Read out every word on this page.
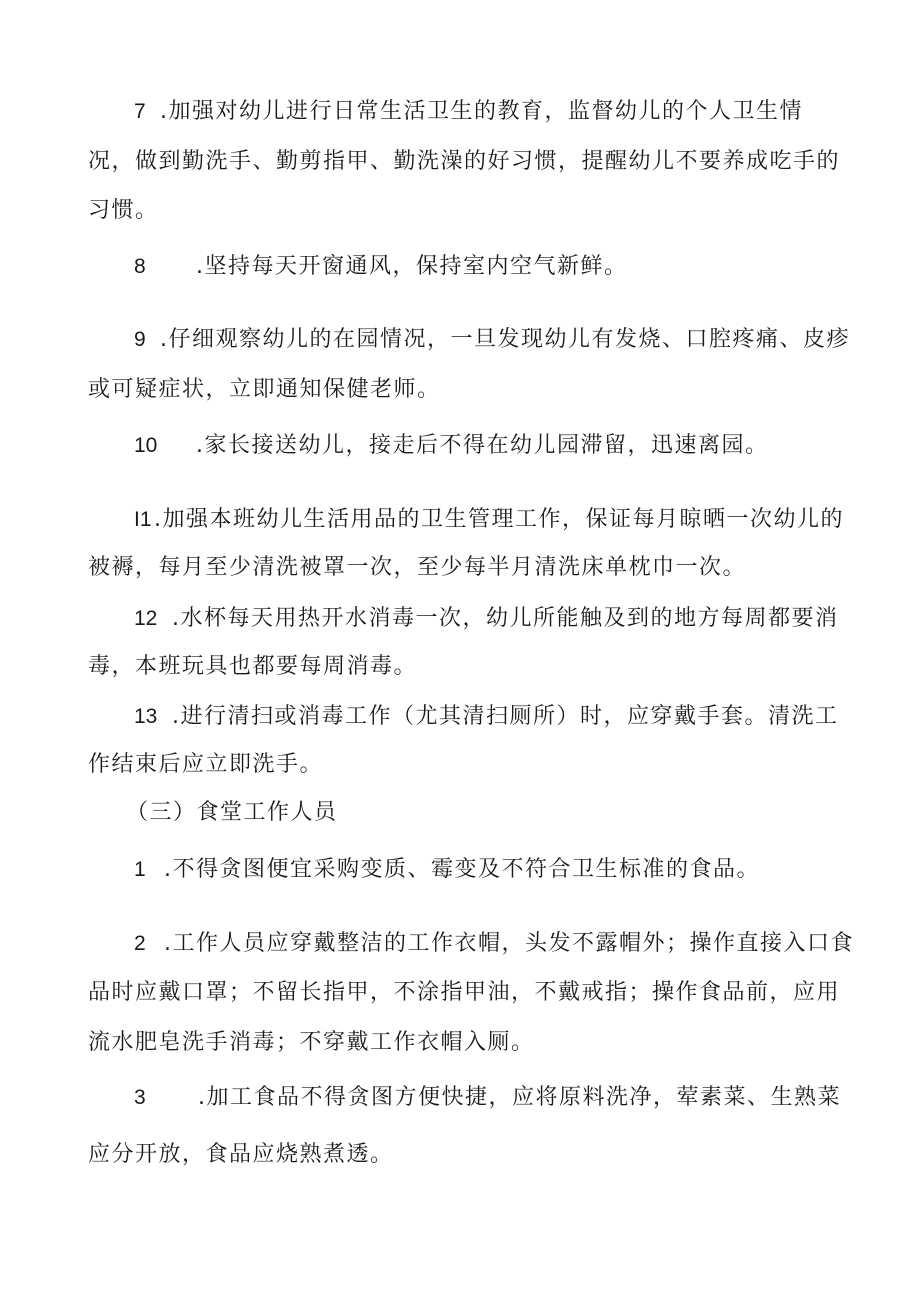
7 .加强对幼儿进行日常生活卫生的教育，监督幼儿的个人卫生情
况，做到勤洗手、勤剪指甲、勤洗澡的好习惯，提醒幼儿不要养成吃手的
习惯。
8 .坚持每天开窗通风，保持室内空气新鲜。
9 .仔细观察幼儿的在园情况，一旦发现幼儿有发烧、口腔疼痛、皮疹
或可疑症状，立即通知保健老师。
10 .家长接送幼儿，接走后不得在幼儿园滞留，迅速离园。
I1 .加强本班幼儿生活用品的卫生管理工作，保证每月晾晒一次幼儿的
被褥，每月至少清洗被罩一次，至少每半月清洗床单枕巾一次。
12 .水杯每天用热开水消毒一次，幼儿所能触及到的地方每周都要消
毒，本班玩具也都要每周消毒。
13 .进行清扫或消毒工作（尤其清扫厕所）时，应穿戴手套。清洗工
作结束后应立即洗手。
（三）食堂工作人员
1 .不得贪图便宜采购变质、霉变及不符合卫生标准的食品。
2 .工作人员应穿戴整洁的工作衣帽，头发不露帽外；操作直接入口食
品时应戴口罩；不留长指甲，不涂指甲油，不戴戒指；操作食品前，应用
流水肥皂洗手消毒；不穿戴工作衣帽入厕。
3 .加工食品不得贪图方便快捷，应将原料洗净，荤素菜、生熟菜
应分开放，食品应烧熟煮透。
